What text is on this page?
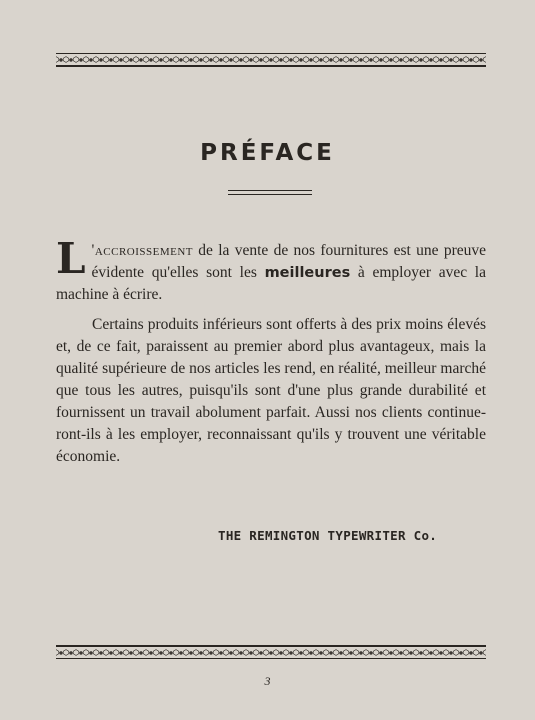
PRÉFACE

L 'accroissement de la vente de nos fournitures est une preuve évidente qu'elles sont les meilleures à employer avec la machine à écrire.

Certains produits inférieurs sont offerts à des prix moins élevés et, de ce fait, paraissent au premier abord plus avantageux, mais la qualité supérieure de nos articles les rend, en réalité, meilleur marché que tous les autres, puisqu'ils sont d'une plus grande durabilité et fournissent un travail abolument parfait. Aussi nos clients continue-ront-ils à les employer, reconnaissant qu'ils y trouvent une véritable économie.

THE REMINGTON TYPEWRITER Co.

3
